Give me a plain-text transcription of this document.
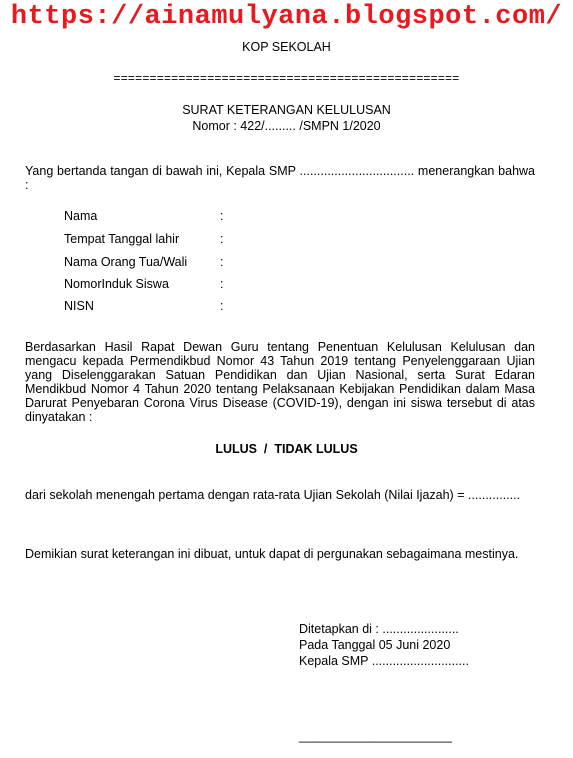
https://ainamulyana.blogspot.com/
KOP SEKOLAH
================================================
SURAT KETERANGAN KELULUSAN
Nomor : 422/......... /SMPN 1/2020
Yang bertanda tangan di bawah ini, Kepala SMP ................................. menerangkan bahwa :
Nama	:
Tempat Tanggal lahir	:
Nama Orang Tua/Wali	:
NomorInduk Siswa	:
NISN	:
Berdasarkan Hasil Rapat Dewan Guru tentang Penentuan Kelulusan Kelulusan dan mengacu kepada Permendikbud Nomor 43 Tahun 2019 tentang Penyelenggaraan Ujian yang Diselenggarakan Satuan Pendidikan dan Ujian Nasional, serta Surat Edaran Mendikbud Nomor 4 Tahun 2020 tentang Pelaksanaan Kebijakan Pendidikan dalam Masa Darurat Penyebaran Corona Virus Disease (COVID-19), dengan ini siswa tersebut di atas dinyatakan :
LULUS  /  TIDAK LULUS
dari sekolah menengah pertama dengan rata-rata Ujian Sekolah (Nilai Ijazah) = ...............
Demikian surat keterangan ini dibuat, untuk dapat di pergunakan sebagaimana mestinya.
Ditetapkan di : ......................
Pada Tanggal 05 Juni 2020
Kepala SMP ............................
______________________
